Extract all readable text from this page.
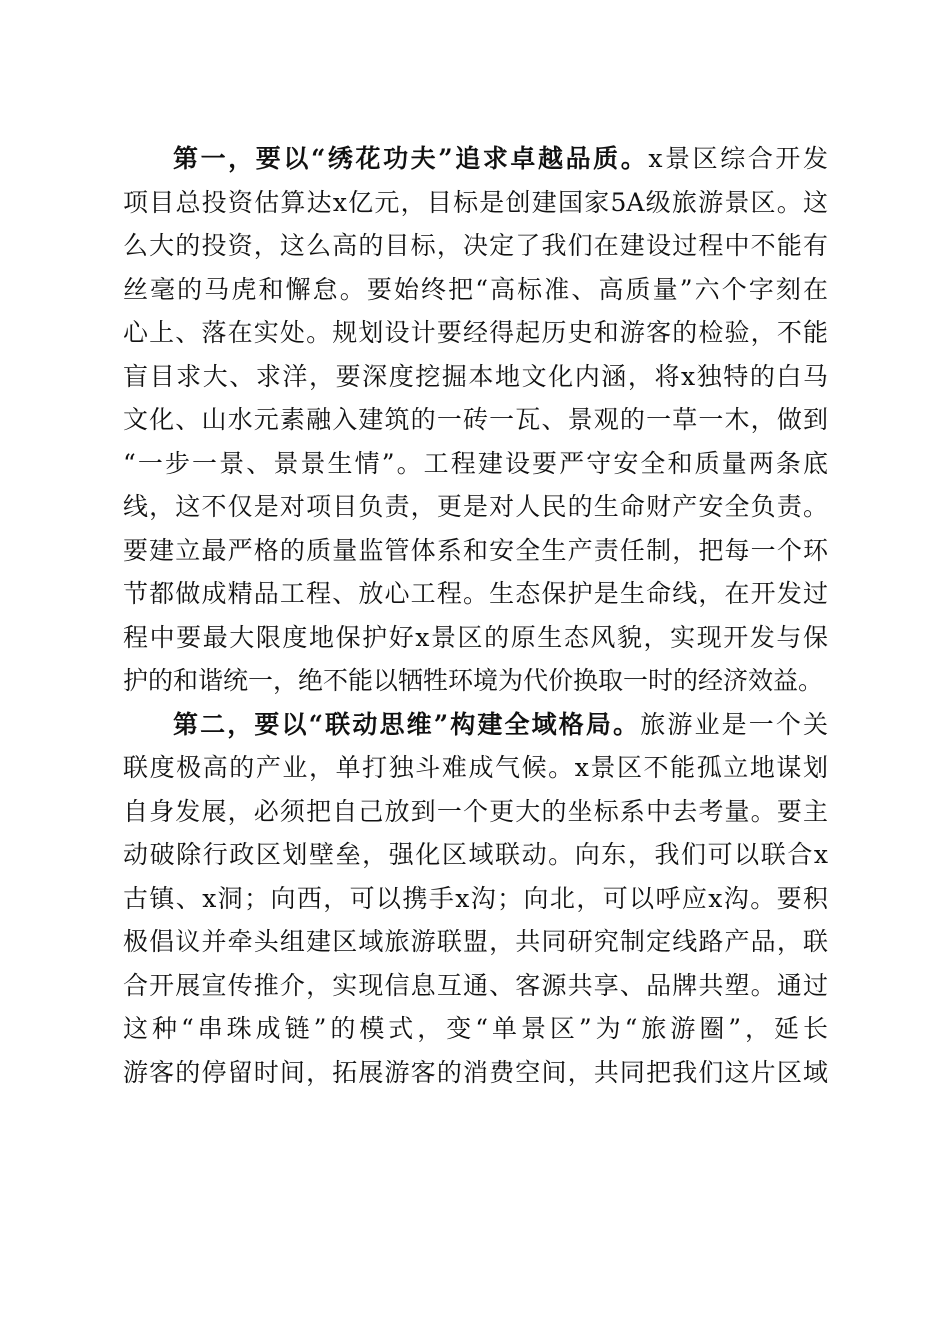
第一，要以“绣花功夫”追求卓越品质。x景区综合开发
项目总投资估算达x亿元，目标是创建国家5A级旅游景区。这
么大的投资，这么高的目标，决定了我们在建设过程中不能有
丝毫的马虎和懈怠。要始终把“高标准、高质量”六个字刻在
心上、落在实处。规划设计要经得起历史和游客的检验，不能
盲目求大、求洋，要深度挖掘本地文化内涵，将x独特的白马
文化、山水元素融入建筑的一砖一瓦、景观的一草一木，做到
“一步一景、景景生情”。工程建设要严守安全和质量两条底
线，这不仅是对项目负责，更是对人民的生命财产安全负责。
要建立最严格的质量监管体系和安全生产责任制，把每一个环
节都做成精品工程、放心工程。生态保护是生命线，在开发过
程中要最大限度地保护好x景区的原生态风貌，实现开发与保
护的和谐统一，绝不能以牺牲环境为代价换取一时的经济效益。
第二，要以“联动思维”构建全域格局。旅游业是一个关
联度极高的产业，单打独斗难成气候。x景区不能孤立地谋划
自身发展，必须把自己放到一个更大的坐标系中去考量。要主
动破除行政区划壁垒，强化区域联动。向东，我们可以联合x
古镇、x洞；向西，可以携手x沟；向北，可以呼应x沟。要积
极倡议并牵头组建区域旅游联盟，共同研究制定线路产品，联
合开展宣传推介，实现信息互通、客源共享、品牌共塑。通过
这种“串珠成链”的模式，变“单景区”为“旅游圈”，延长
游客的停留时间，拓展游客的消费空间，共同把我们这片区域
